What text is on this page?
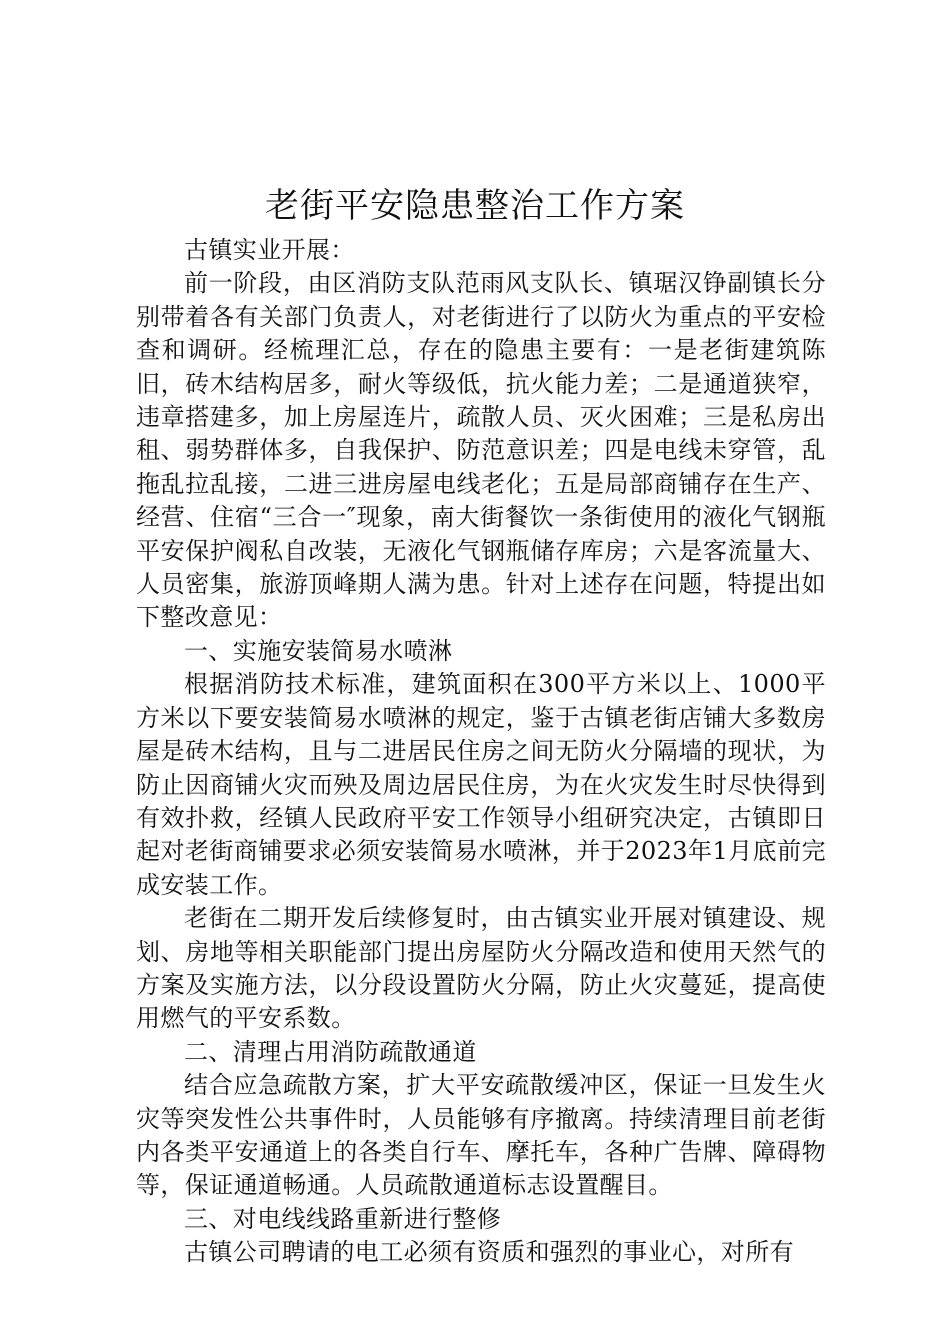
老街平安隐患整治工作方案

古镇实业开展：

前一阶段，由区消防支队范雨风支队长、镇琚汉铮副镇长分别带着各有关部门负责人，对老街进行了以防火为重点的平安检查和调研。经梳理汇总，存在的隐患主要有：一是老街建筑陈旧，砖木结构居多，耐火等级低，抗火能力差；二是通道狭窄，违章搭建多，加上房屋连片，疏散人员、灭火困难；三是私房出租、弱势群体多，自我保护、防范意识差；四是电线未穿管，乱拖乱拉乱接，二进三进房屋电线老化；五是局部商铺存在生产、经营、住宿“三合一″现象，南大街餐饮一条街使用的液化气钢瓶平安保护阀私自改装，无液化气钢瓶储存库房；六是客流量大、人员密集，旅游顶峰期人满为患。针对上述存在问题，特提出如下整改意见：

一、实施安装简易水喷淋

根据消防技术标准，建筑面积在300平方米以上、1000平方米以下要安装简易水喷淋的规定，鉴于古镇老街店铺大多数房屋是砖木结构，且与二进居民住房之间无防火分隔墙的现状，为防止因商铺火灾而殃及周边居民住房，为在火灾发生时尽快得到有效扑救，经镇人民政府平安工作领导小组研究决定，古镇即日起对老街商铺要求必须安装简易水喷淋，并于2023年1月底前完成安装工作。

老街在二期开发后续修复时，由古镇实业开展对镇建设、规划、房地等相关职能部门提出房屋防火分隔改造和使用天然气的方案及实施方法，以分段设置防火分隔，防止火灾蔓延，提高使用燃气的平安系数。

二、清理占用消防疏散通道

结合应急疏散方案，扩大平安疏散缓冲区，保证一旦发生火灾等突发性公共事件时，人员能够有序撤离。持续清理目前老街内各类平安通道上的各类自行车、摩托车，各种广告牌、障碍物等，保证通道畅通。人员疏散通道标志设置醒目。

三、对电线线路重新进行整修

古镇公司聘请的电工必须有资质和强烈的事业心，对所有
